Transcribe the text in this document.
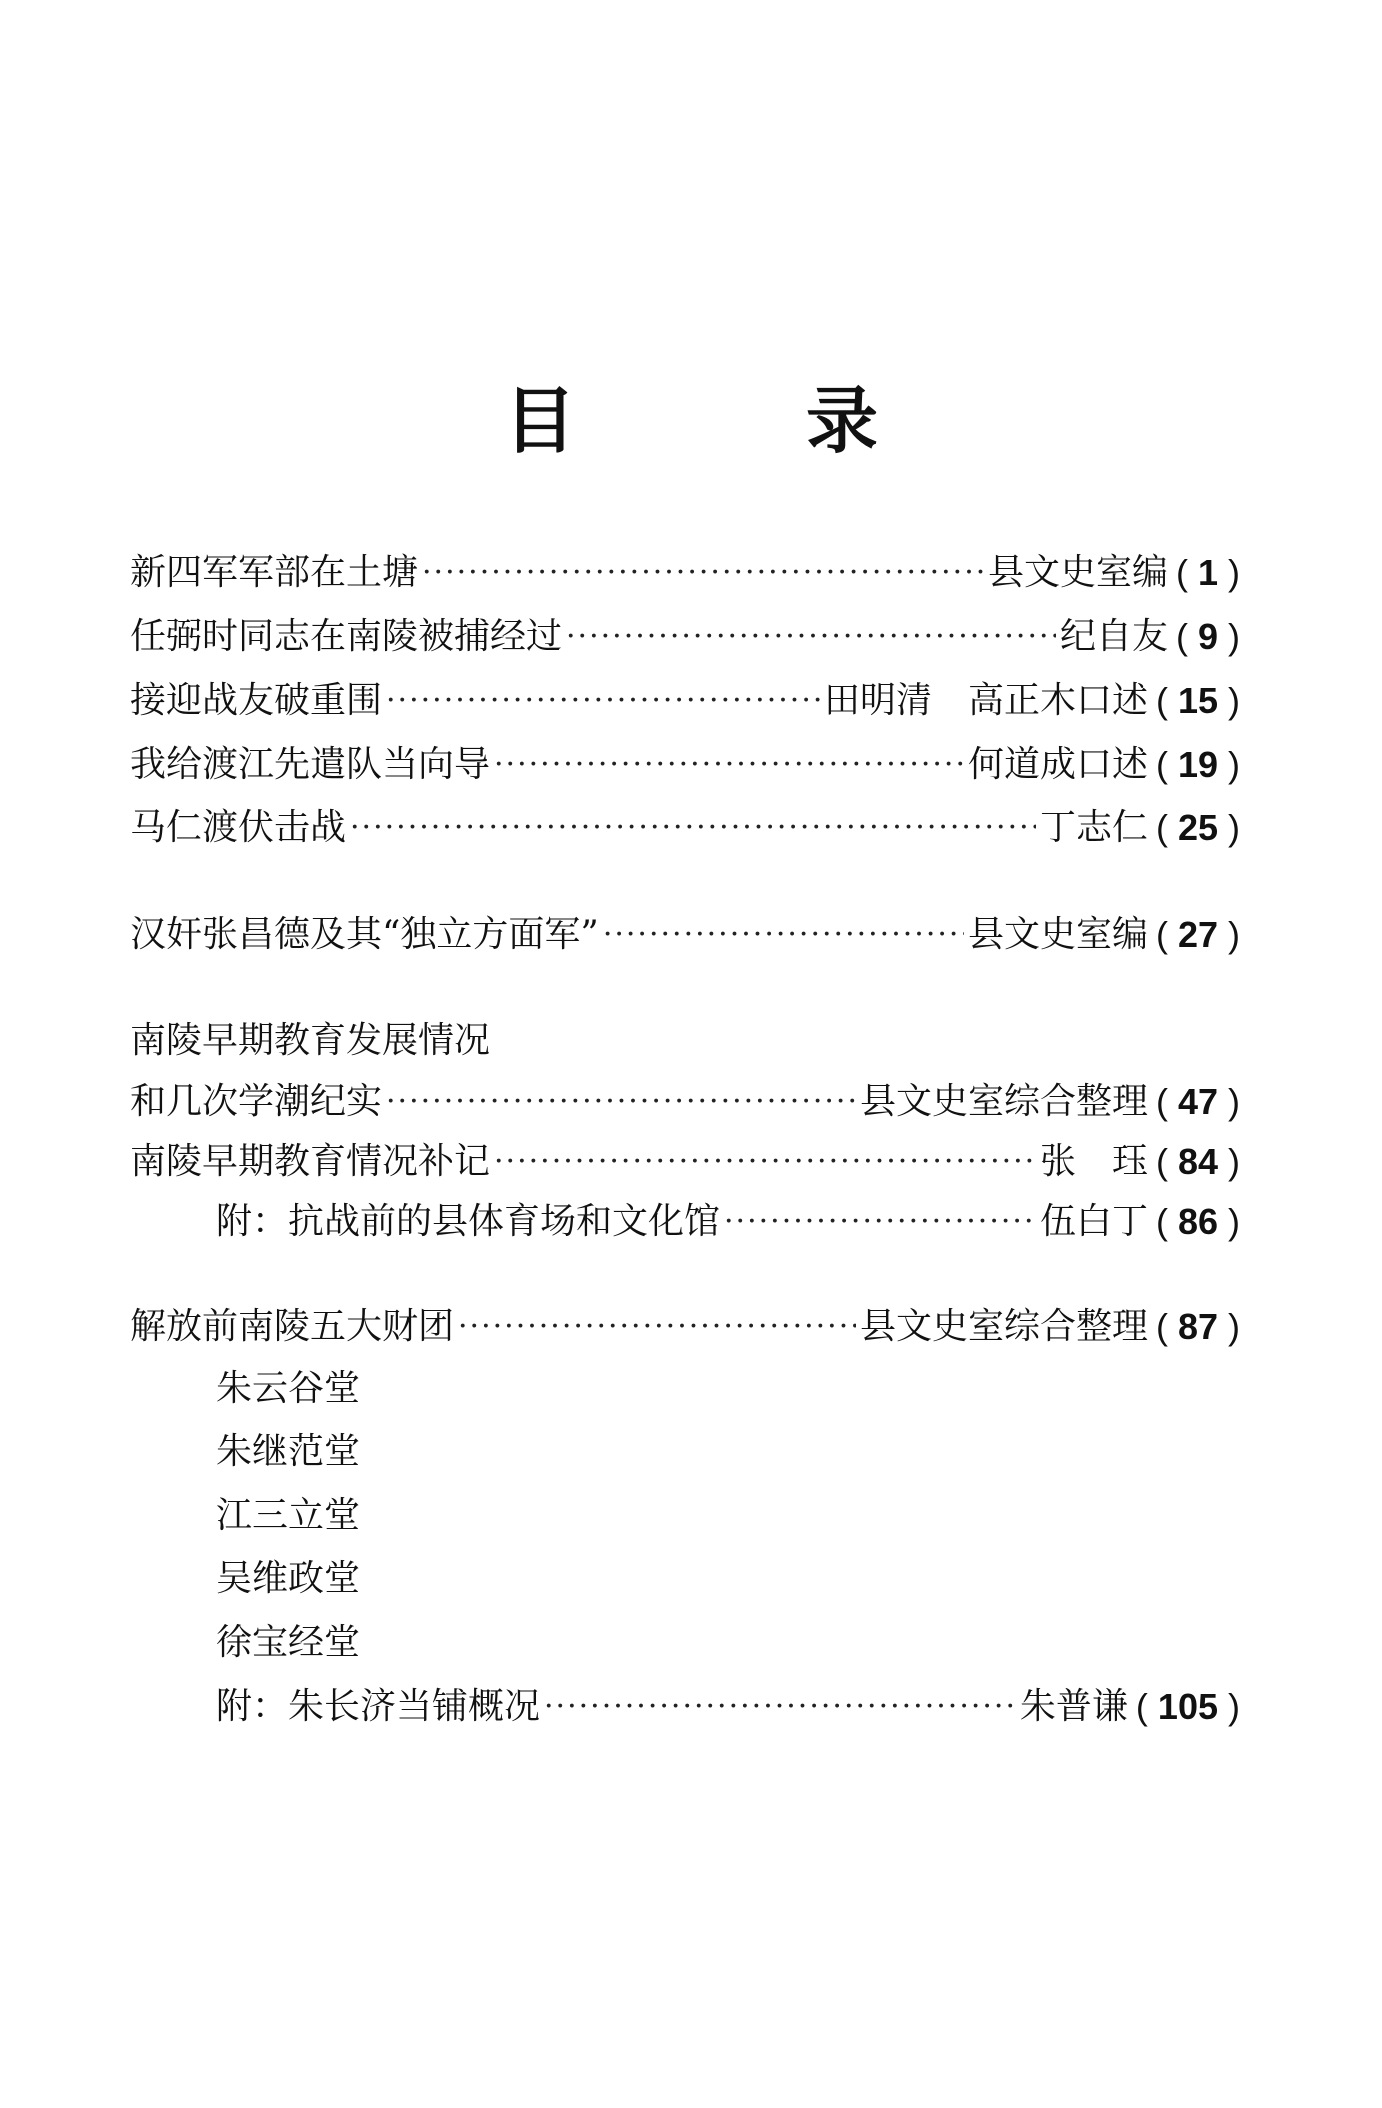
目	录
新四军军部在土塘 ·····	县文史室编 ( 1 )
任弼时同志在南陵被捕经过 ·····	纪自友 ( 9 )
接迎战友破重围 ·····	田明清　高正木口述 ( 15 )
我给渡江先遣队当向导 ·····	何道成口述 ( 19 )
马仁渡伏击战 ·····	丁志仁 ( 25 )
汉奸张昌德及其“独立方面军” ·····	县文史室编 ( 27 )
南陵早期教育发展情况
和几次学潮纪实 ·····	县文史室综合整理 ( 47 )
南陵早期教育情况补记 ·····	张　珏 ( 84 )
附：抗战前的县体育场和文化馆 ·····	伍白丁 ( 86 )
解放前南陵五大财团 ·····	县文史室综合整理 ( 87 )
朱云谷堂
朱继范堂
江三立堂
吴维政堂
徐宝经堂
附：朱长济当铺概况 ·····	朱普谦 ( 105 )
